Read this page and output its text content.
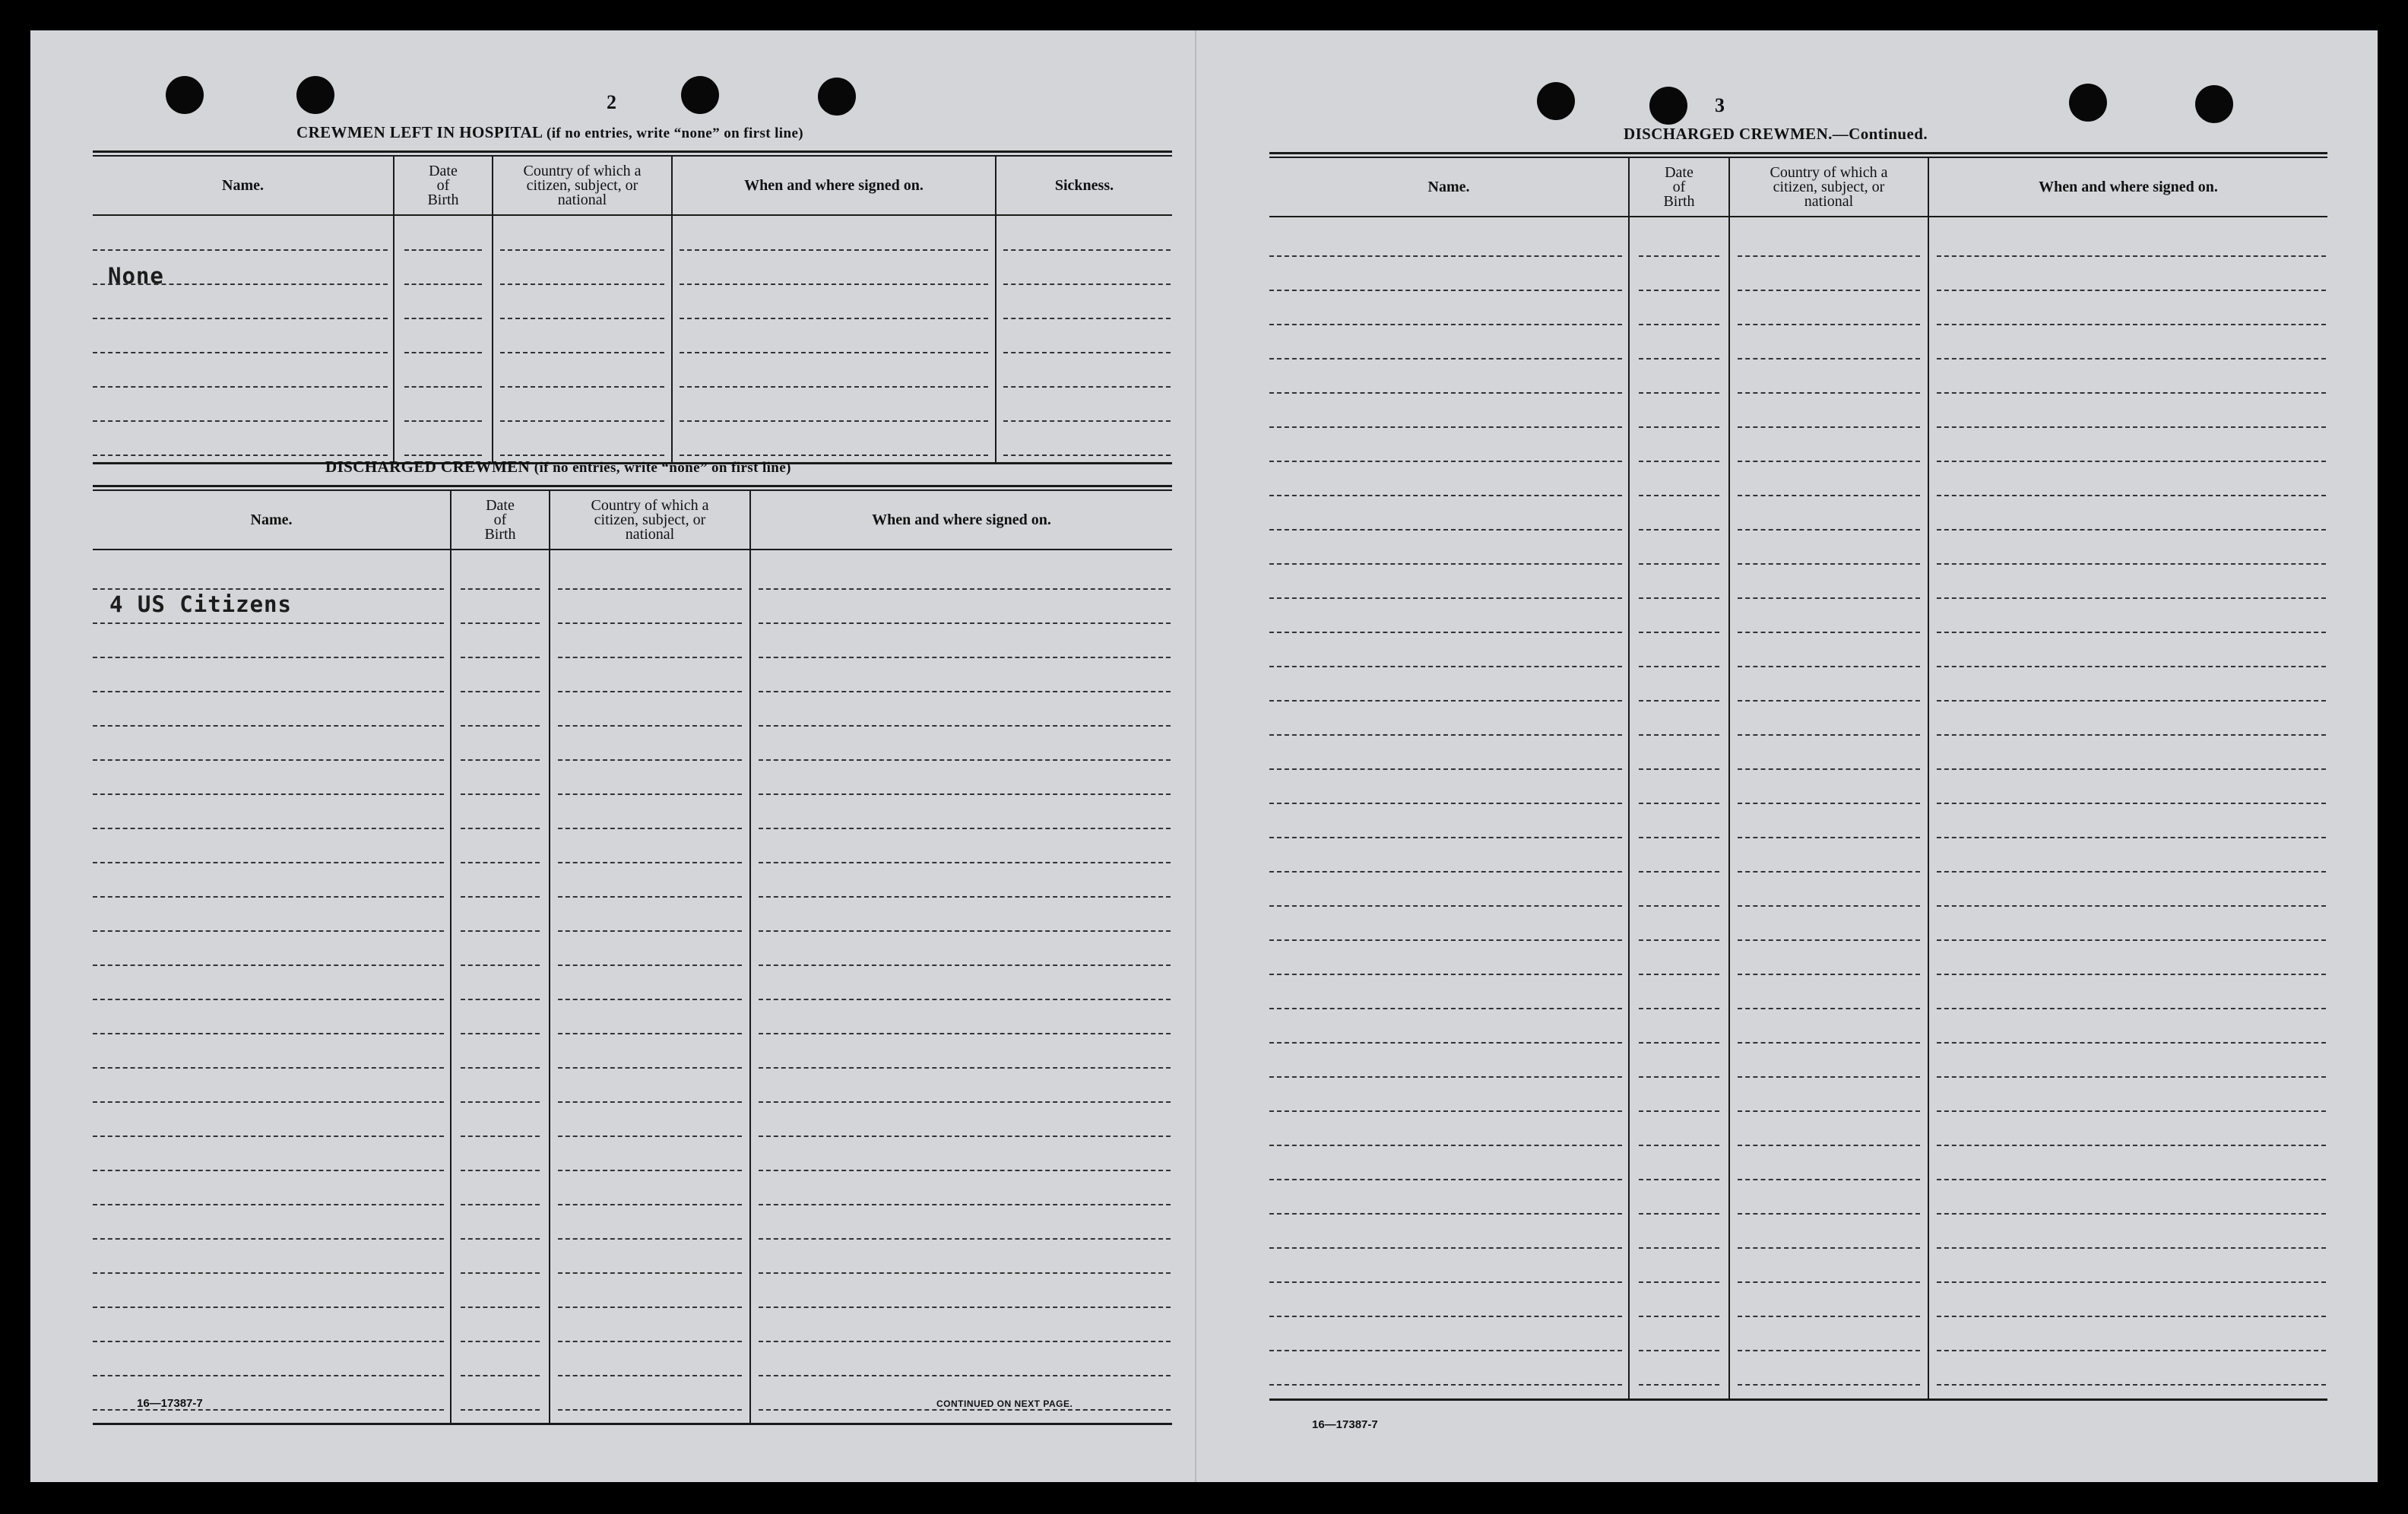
2
CREWMEN LEFT IN HOSPITAL (if no entries, write “none” on first line)
Name.
Date
of
Birth
Country of which a
citizen, subject, or
national
When and where signed on.	Sickness.
None
DISCHARGED CREWMEN (if no entries, write “none” on first line)
Name.
Date
of
Birth
Country of which a
citizen, subject, or
national
When and where signed on.
4 US Citizens
16—17387-7	CONTINUED ON NEXT PAGE.
3
DISCHARGED CREWMEN.—Continued.
Name.
Date
of
Birth
Country of which a
citizen, subject, or
national
When and where signed on.
16—17387-7
